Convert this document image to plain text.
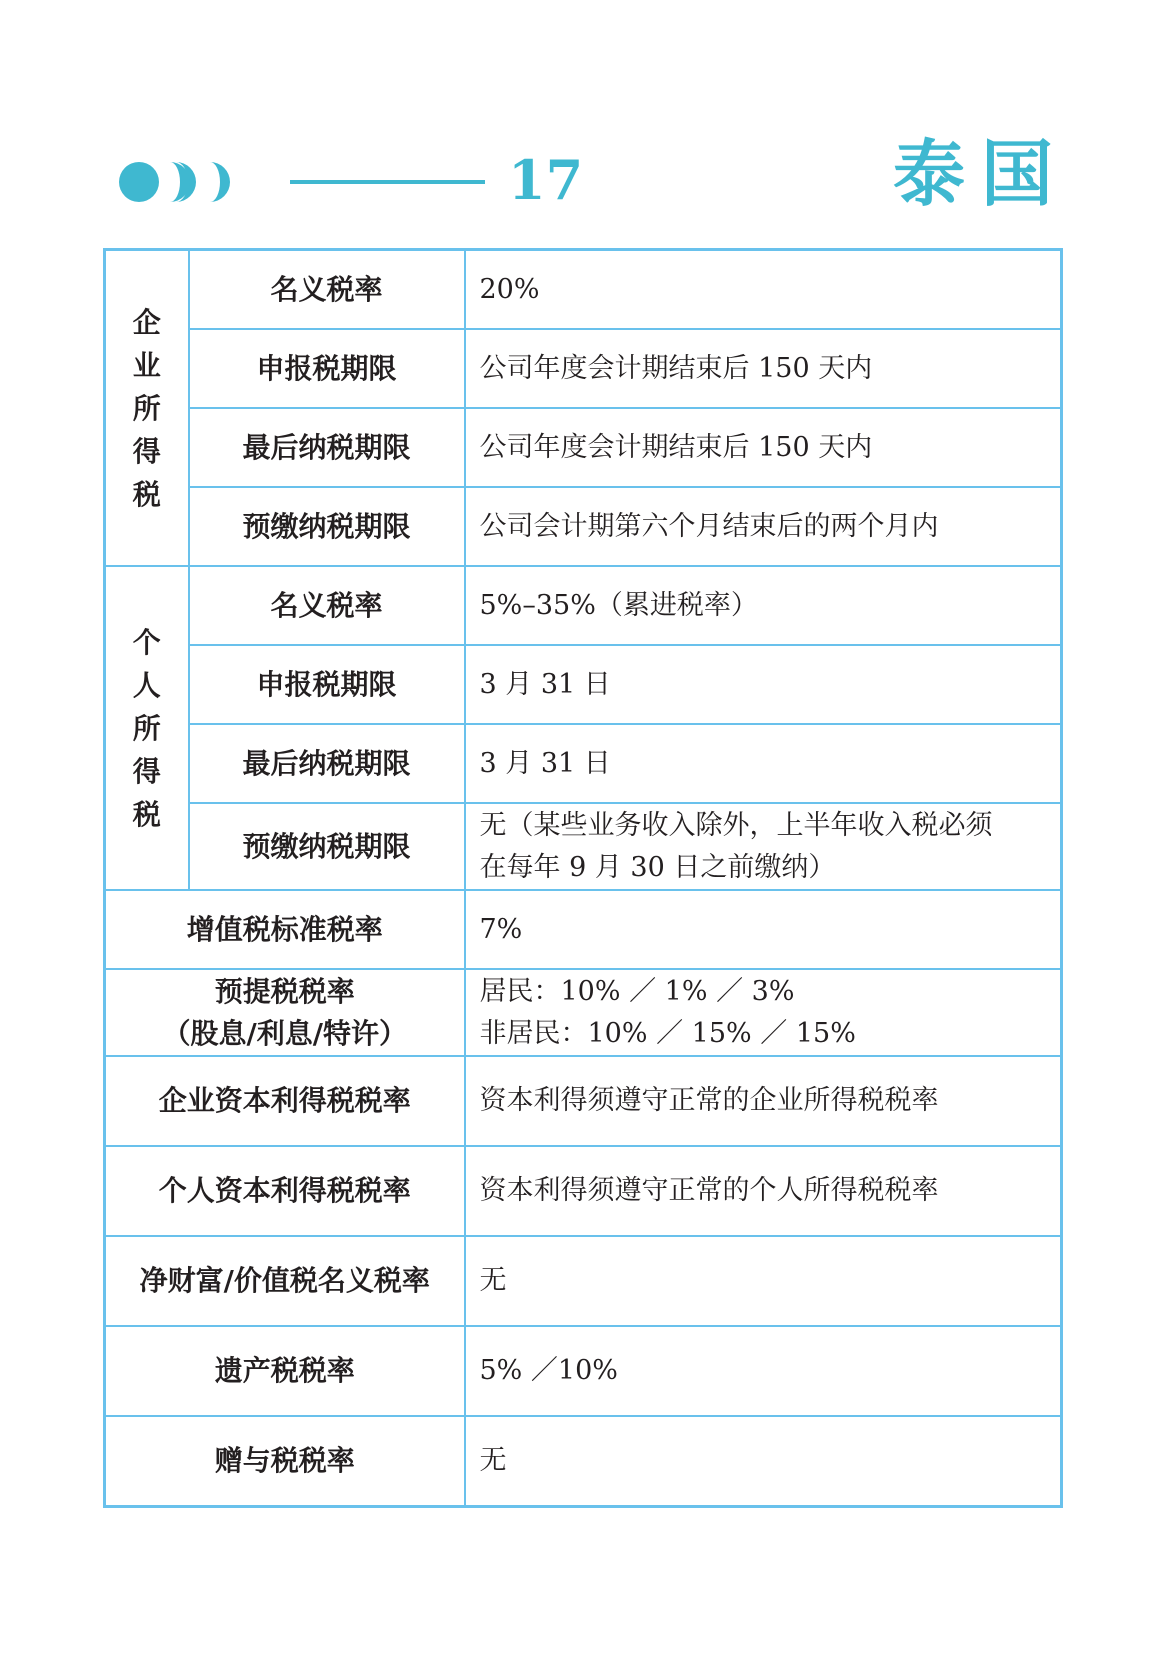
17	泰国
企
业
所
得
税	名义税率	20%
	申报税期限	公司年度会计期结束后 150 天内
	最后纳税期限	公司年度会计期结束后 150 天内
	预缴纳税期限	公司会计期第六个月结束后的两个月内

个
人
所
得
税	名义税率	5%–35%（累进税率）
	申报税期限	3 月 31 日
	最后纳税期限	3 月 31 日
	预缴纳税期限	无（某些业务收入除外，上半年收入税必须
在每年 9 月 30 日之前缴纳）

增值税标准税率		7%

预提税税率
（股息/利息/特许）		居民：10% ／ 1% ／ 3%
非居民：10% ／ 15% ／ 15%

企业资本利得税税率		资本利得须遵守正常的企业所得税税率
个人资本利得税税率		资本利得须遵守正常的个人所得税税率
净财富/价值税名义税率		无
遗产税税率		5% ／10%
赠与税税率		无
